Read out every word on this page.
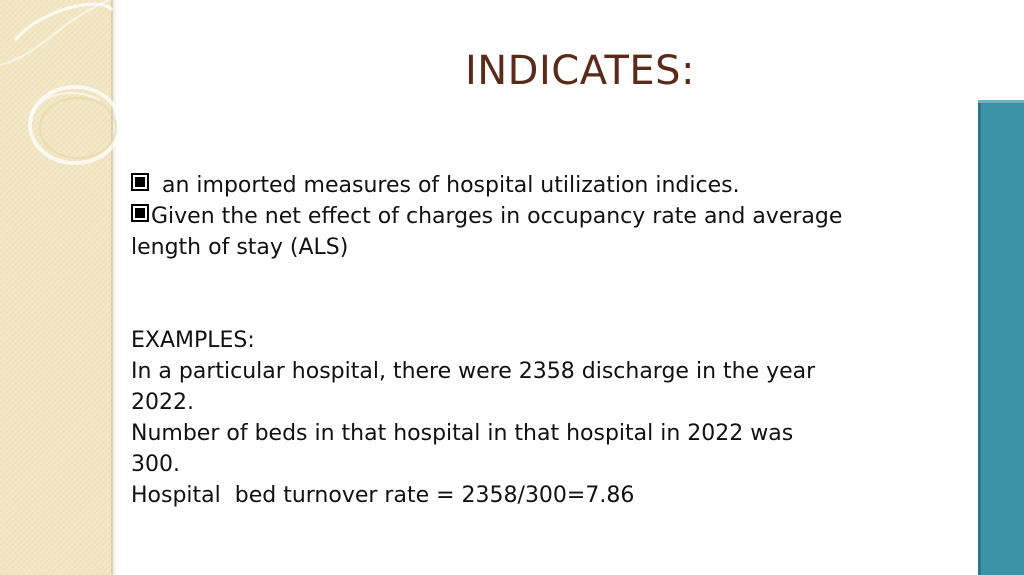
INDICATES:
an imported measures of hospital utilization indices.
Given the net effect of charges in occupancy rate and average
length of stay (ALS)
EXAMPLES:
In a particular hospital, there were 2358 discharge in the year
2022.
Number of beds in that hospital in that hospital in 2022 was
300.
Hospital  bed turnover rate = 2358/300=7.86
